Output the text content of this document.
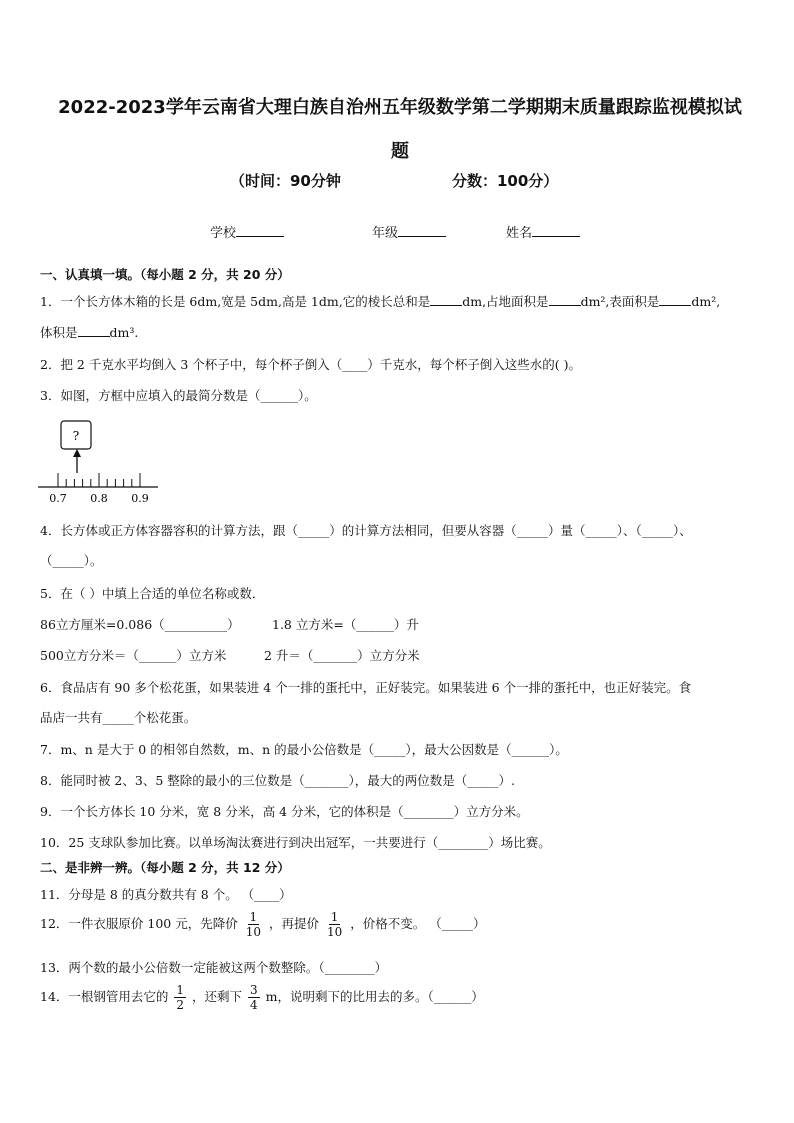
2022-2023学年云南省大理白族自治州五年级数学第二学期期末质量跟踪监视模拟试
题
（时间：90分钟	分数：100分）
学校	年级	姓名
一、认真填一填。（每小题 2 分，共 20 分）
1．一个长方体木箱的长是 6dm,宽是 5dm,高是 1dm,它的棱长总和是	dm,占地面积是	dm²,表面积是	dm²,
体积是	dm³.
2．把 2 千克水平均倒入 3 个杯子中，每个杯子倒入（____）千克水，每个杯子倒入这些水的( )。
3．如图，方框中应填入的最简分数是（______）。
?
0.7 0.8 0.9
4．长方体或正方体容器容积的计算方法，跟（_____）的计算方法相同，但要从容器（_____）量（_____）、（_____）、
（_____）。
5．在（ ）中填上合适的单位名称或数．
86立方厘米=0.086（__________）	1.8 立方米=（______）升
500立方分米＝（______）立方米	2 升＝（_______）立方分米
6．食品店有 90 多个松花蛋，如果装进 4 个一排的蛋托中，正好装完。如果装进 6 个一排的蛋托中，也正好装完。食
品店一共有_____个松花蛋。
7．m、n 是大于 0 的相邻自然数，m、n 的最小公倍数是（_____），最大公因数是（______）。
8．能同时被 2、3、5 整除的最小的三位数是（_______），最大的两位数是（_____）.
9．一个长方体长 10 分米，宽 8 分米，高 4 分米，它的体积是（________）立方分米。
10．25 支球队参加比赛。以单场淘汰赛进行到决出冠军，一共要进行（________）场比赛。
二、是非辨一辨。（每小题 2 分，共 12 分）
11．分母是 8 的真分数共有 8 个。 （____）
12．一件衣服原价 100 元，先降价 $\frac{1}{10}$ ，再提价 $\frac{1}{10}$ ，价格不变。 （_____）
13．两个数的最小公倍数一定能被这两个数整除。（________）
14．一根钢管用去它的 $\frac{1}{2}$ ，还剩下 $\frac{3}{4}$ m，说明剩下的比用去的多。（______）
